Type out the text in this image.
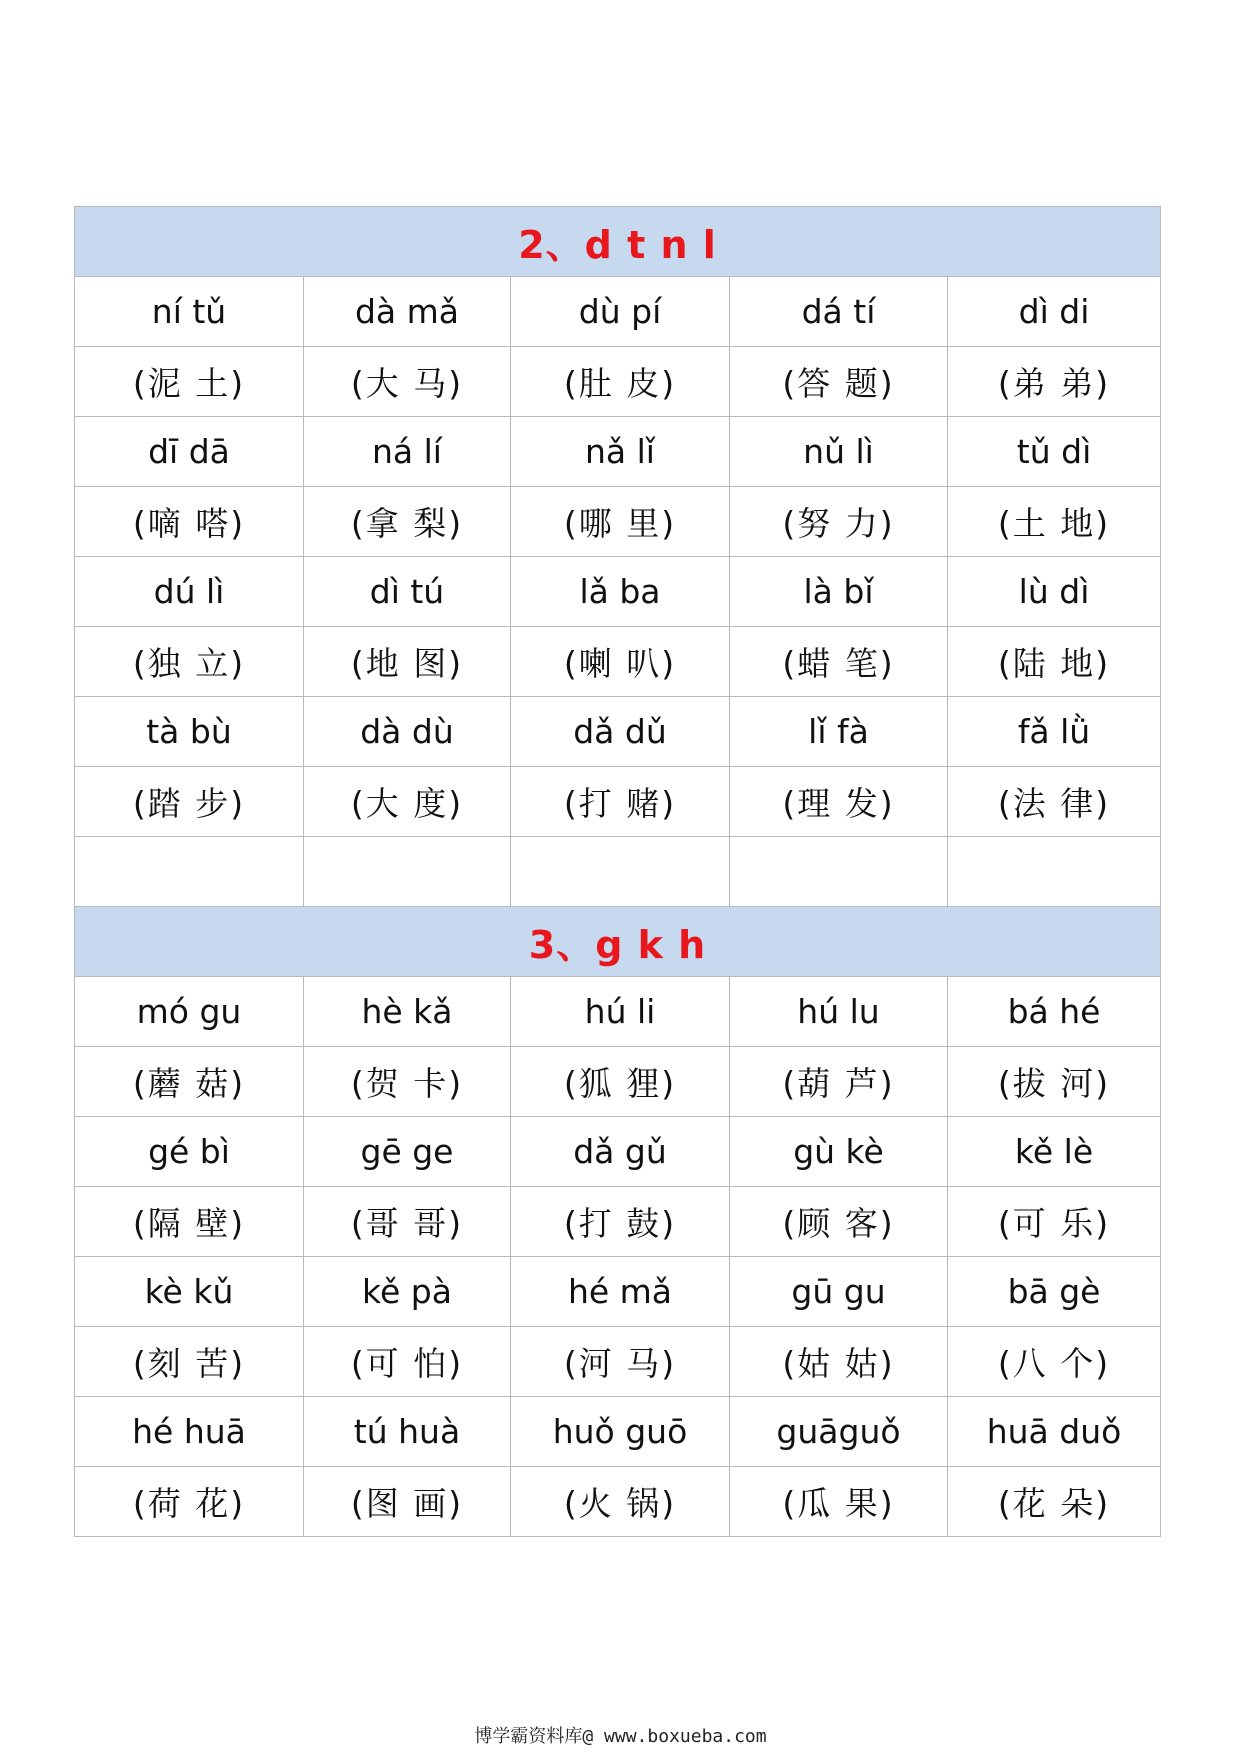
2、d t n l				
ní tǔ	dà mǎ	dù pí	dá tí	dì di
(泥 土)	(大 马)	(肚 皮)	(答 题)	(弟 弟)
dī dā	ná lí	nǎ lǐ	nǔ lì	tǔ dì
(嘀 嗒)	(拿 梨)	(哪 里)	(努 力)	(土 地)
dú lì	dì tú	lǎ ba	là bǐ	lù dì
(独 立)	(地 图)	(喇 叭)	(蜡 笔)	(陆 地)
tà bù	dà dù	dǎ dǔ	lǐ fà	fǎ lǜ
(踏 步)	(大 度)	(打 赌)	(理 发)	(法 律)

3、g k h				
mó gu	hè kǎ	hú li	hú lu	bá hé
(蘑 菇)	(贺 卡)	(狐 狸)	(葫 芦)	(拔 河)
gé bì	gē ge	dǎ gǔ	gù kè	kě lè
(隔 壁)	(哥 哥)	(打 鼓)	(顾 客)	(可 乐)
kè kǔ	kě pà	hé mǎ	gū gu	bā gè
(刻 苦)	(可 怕)	(河 马)	(姑 姑)	(八 个)
hé huā	tú huà	huǒ guō	guāguǒ	huā duǒ
(荷 花)	(图 画)	(火 锅)	(瓜 果)	(花 朵)
博学霸资料库@ www.boxueba.com
